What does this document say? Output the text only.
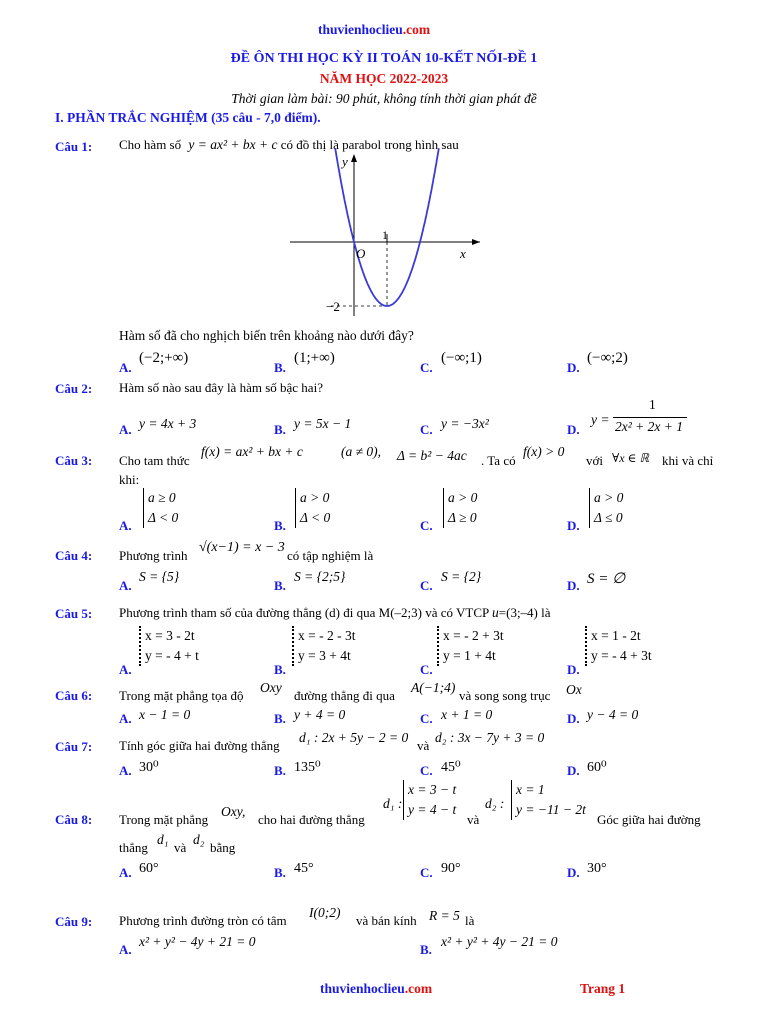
thuvienhoclieu.com
ĐỀ ÔN THI HỌC KỲ II TOÁN 10-KẾT NỐI-ĐỀ 1
NĂM HỌC 2022-2023
Thời gian làm bài: 90 phút, không tính thời gian phát đề
I. PHẦN TRẮC NGHIỆM (35 câu - 7,0 điểm).
Câu 1: Cho hàm số y = ax² + bx + c có đồ thị là parabol trong hình sau
y
x
O
1
−2
Hàm số đã cho nghịch biến trên khoảng nào dưới đây?
A.
(−2;+∞)
B.
(1;+∞)
C.
(−∞;1)
D.
(−∞;2)
Câu 2: Hàm số nào sau đây là hàm số bậc hai?
A. y = 4x + 3	B. y = 5x − 1	C. y = −3x²	D.
y =
1
2x² + 2x + 1
Câu 3: Cho tam thức
f(x) = ax² + bx + c	(a ≠ 0), Δ = b² − 4ac . Ta có
f(x) > 0
với ∀x ∈ ℝ khi và chỉ
khi:
A.
a ≥ 0
Δ < 0
B.
a > 0
Δ < 0
C.
a > 0
Δ ≥ 0
D.
a > 0
Δ ≤ 0
Câu 4: Phương trình
√(x−1) = x − 3
có tập nghiệm là
A.
S = {5}
B.
S = {2;5}
C.
S = {2}
D. S = ∅
Câu 5: Phương trình tham số của đường thẳng (d) đi qua M(–2;3) và có VTCP u=(3;–4) là
A.
x = 3 - 2t
y = - 4 + t
B.
x = - 2 - 3t
y = 3 + 4t
C.
x = - 2 + 3t
y = 1 + 4t
D.
x = 1 - 2t
y = - 4 + 3t
Câu 6: Trong mặt phẳng tọa độ
Oxy
đường thẳng đi qua
A(−1;4)
và song song trục Ox
A. x − 1 = 0	B. y + 4 = 0	C. x + 1 = 0	D. y − 4 = 0
Câu 7: Tính góc giữa hai đường thẳng
d₁ : 2x + 5y − 2 = 0
và
d₂ : 3x − 7y + 3 = 0
A. 30⁰	B. 135⁰	C. 45⁰	D. 60⁰
Câu 8: Trong mặt phẳng
Oxy,
cho hai đường thẳng
d₁ :
x = 3 − t
y = 4 − t
và
d₂ :
x = 1
y = −11 − 2t
Góc giữa hai đường
thẳng
d₁
và
d₂
bằng
A. 60°	B. 45°	C. 90°	D. 30°
Câu 9: Phương trình đường tròn có tâm
I(0;2)
và bán kính R = 5 là
A.
x² + y² − 4y + 21 = 0
B.
x² + y² + 4y − 21 = 0
thuvienhoclieu.com	Trang 1
